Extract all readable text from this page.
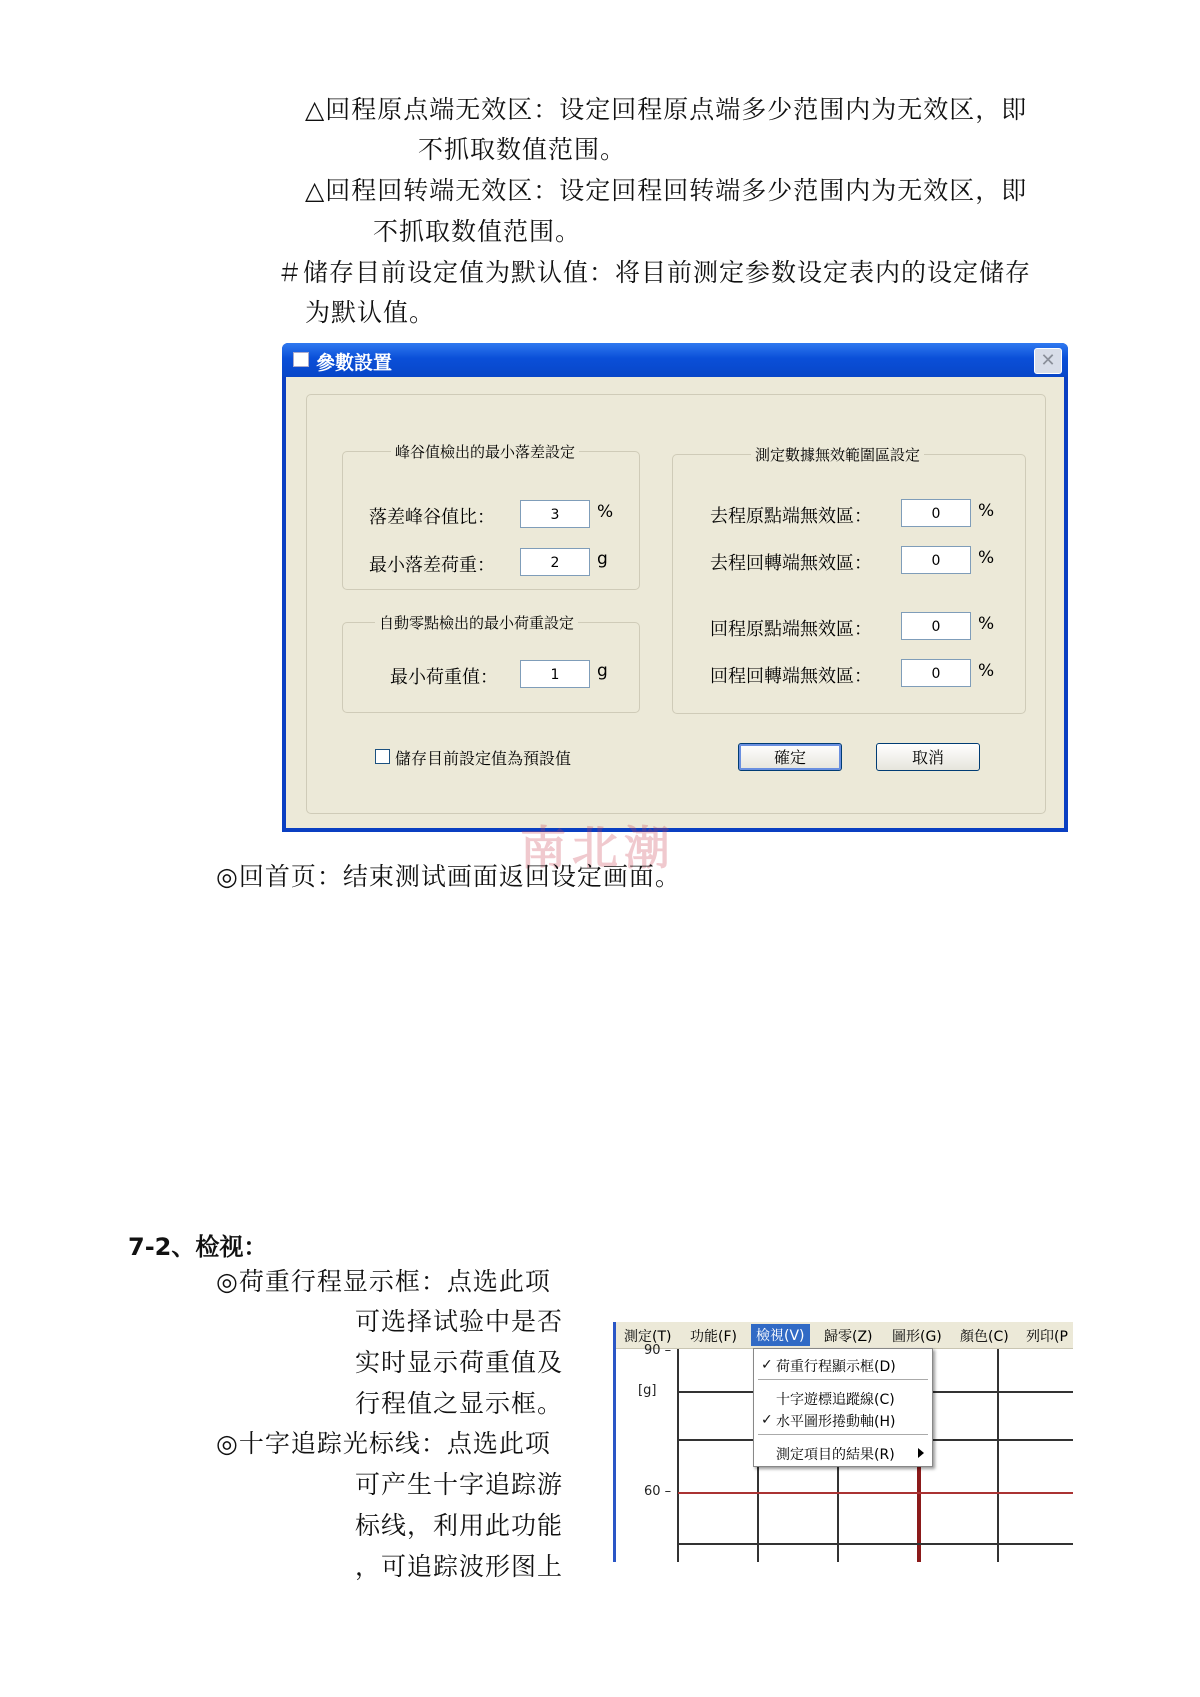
△回程原点端无效区：设定回程原点端多少范围内为无效区，即
不抓取数值范围。
△回程回转端无效区：设定回程回转端多少范围内为无效区，即
不抓取数值范围。
＃储存目前设定值为默认值：将目前测定参数设定表内的设定储存
为默认值。
參數設置	✕
峰谷值檢出的最小落差設定
落差峰谷值比：	3	%
最小落差荷重：	2	g
自動零點檢出的最小荷重設定
最小荷重值：	1	g
測定數據無效範圍區設定
去程原點端無效區：	0	%
去程回轉端無效區：	0	%
回程原點端無效區：	0	%
回程回轉端無效區：	0	%
儲存目前設定值為預設值	確定	取消
南北潮
◎回首页：结束测试画面返回设定画面。
7-2、检视：
◎荷重行程显示框：点选此项
可选择试验中是否
实时显示荷重值及
行程值之显示框。
◎十字追踪光标线：点选此项
可产生十字追踪游
标线，利用此功能
，可追踪波形图上
測定(T) 功能(F)	檢視(V)	歸零(Z) 圖形(G) 顏色(C) 列印(P
90 –
[g]
60 –
✓ 荷重行程顯示框(D)
十字遊標追蹤線(C)
✓ 水平圖形捲動軸(H)
測定項目的結果(R)
